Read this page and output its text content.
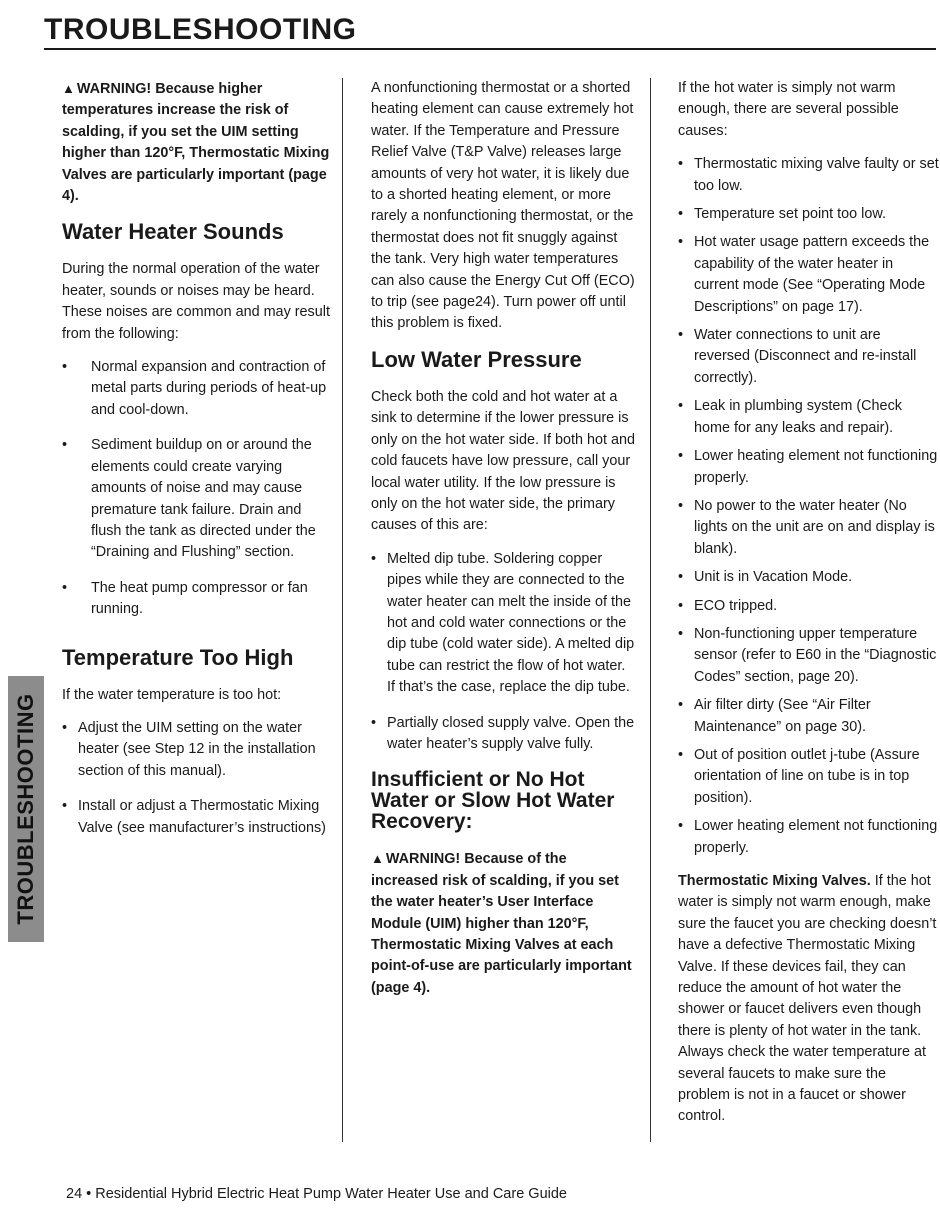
TROUBLESHOOTING
TROUBLESHOOTING

▲ WARNING! Because higher temperatures increase the risk of scalding, if you set the UIM setting higher than 120°F, Thermostatic Mixing Valves are particularly important (page 4).

Water Heater Sounds

During the normal operation of the water heater, sounds or noises may be heard. These noises are common and may result from the following:

• Normal expansion and contraction of metal parts during periods of heat-up and cool-down.
• Sediment buildup on or around the elements could create varying amounts of noise and may cause premature tank failure. Drain and flush the tank as directed under the “Draining and Flushing” section.
• The heat pump compressor or fan running.
Temperature Too High

If the water temperature is too hot:

• Adjust the UIM setting on the water heater (see Step 12 in the installation section of this manual).
• Install or adjust a Thermostatic Mixing Valve (see manufacturer’s instructions)

A nonfunctioning thermostat or a shorted heating element can cause extremely hot water. If the Temperature and Pressure Relief Valve (T&P Valve) releases large amounts of very hot water, it is likely due to a shorted heating element, or more rarely a nonfunctioning thermostat, or the thermostat does not fit snuggly against the tank. Very high water temperatures can also cause the Energy Cut Off (ECO) to trip (see page24). Turn power off until this problem is fixed.

Low Water Pressure

Check both the cold and hot water at a sink to determine if the lower pressure is only on the hot water side. If both hot and cold faucets have low pressure, call your local water utility. If the low pressure is only on the hot water side, the primary causes of this are:

• Melted dip tube. Soldering copper pipes while they are connected to the water heater can melt the inside of the hot and cold water connections or the dip tube (cold water side). A melted dip tube can restrict the flow of hot water. If that’s the case, replace the dip tube.
• Partially closed supply valve. Open the water heater’s supply valve fully.
Insufficient or No Hot Water or Slow Hot Water Recovery:

▲ WARNING! Because of the increased risk of scalding, if you set the water heater’s User Interface Module (UIM) higher than 120°F, Thermostatic Mixing Valves at each point-of-use are particularly important (page 4).

If the hot water is simply not warm enough, there are several possible causes:

• Thermostatic mixing valve faulty or set too low.
• Temperature set point too low.
• Hot water usage pattern exceeds the capability of the water heater in current mode (See “Operating Mode Descriptions” on page 17).
• Water connections to unit are reversed (Disconnect and re-install correctly).
• Leak in plumbing system (Check home for any leaks and repair).
• Lower heating element not functioning properly.
• No power to the water heater (No lights on the unit are on and display is blank).
• Unit is in Vacation Mode.
• ECO tripped.
• Non-functioning upper temperature sensor (refer to E60 in the “Diagnostic Codes” section, page 20).
• Air filter dirty (See “Air Filter Maintenance” on page 30).
• Out of position outlet j-tube (Assure orientation of line on tube is in top position).
• Lower heating element not functioning properly.

Thermostatic Mixing Valves. If the hot water is simply not warm enough, make sure the faucet you are checking doesn’t have a defective Thermostatic Mixing Valve. If these devices fail, they can reduce the amount of hot water the shower or faucet delivers even though there is plenty of hot water in the tank. Always check the water temperature at several faucets to make sure the problem is not in a faucet or shower control.

24 • Residential Hybrid Electric Heat Pump Water Heater Use and Care Guide
